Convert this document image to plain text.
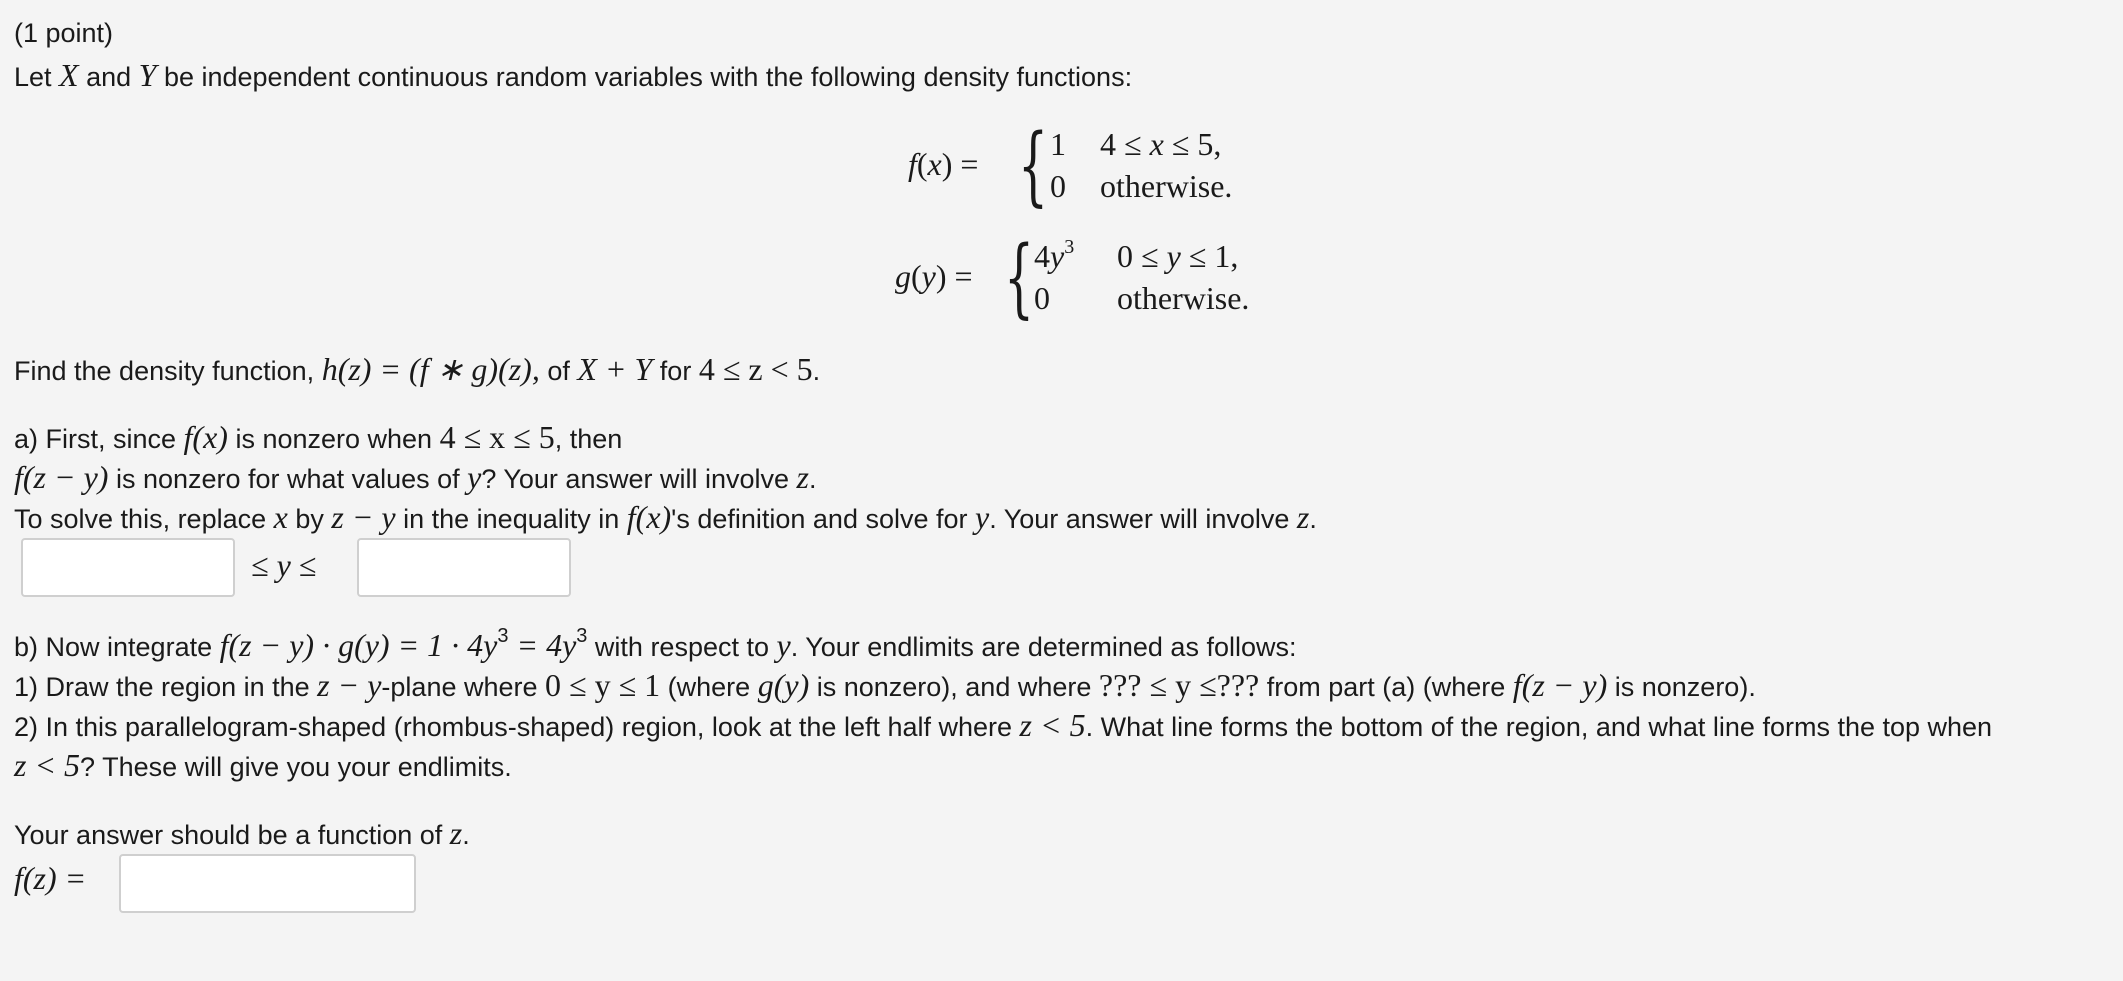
(1 point)
Let X and Y be independent continuous random variables with the following density functions:
f(x) = { 1 4 ≤ x ≤ 5,
0 otherwise.
g(y) = { $4y^3$ 0 ≤ y ≤ 1,
0 otherwise.
Find the density function, h(z) = (f ∗ g)(z), of X + Y for 4 ≤ z < 5.
a) First, since f(x) is nonzero when 4 ≤ x ≤ 5, then
f(z − y) is nonzero for what values of y? Your answer will involve z.
To solve this, replace x by z − y in the inequality in f(x)'s definition and solve for y. Your answer will involve z.
≤ y ≤
b) Now integrate $f(z - y) \cdot g(y) = 1 \cdot 4y^3 = 4y^3$ with respect to y. Your endlimits are determined as follows:
1) Draw the region in the z − y-plane where 0 ≤ y ≤ 1 (where g(y) is nonzero), and where ??? ≤ y ≤??? from part (a) (where f(z − y) is nonzero).
2) In this parallelogram-shaped (rhombus-shaped) region, look at the left half where z < 5. What line forms the bottom of the region, and what line forms the top when
z < 5? These will give you your endlimits.
Your answer should be a function of z.
f(z) =
